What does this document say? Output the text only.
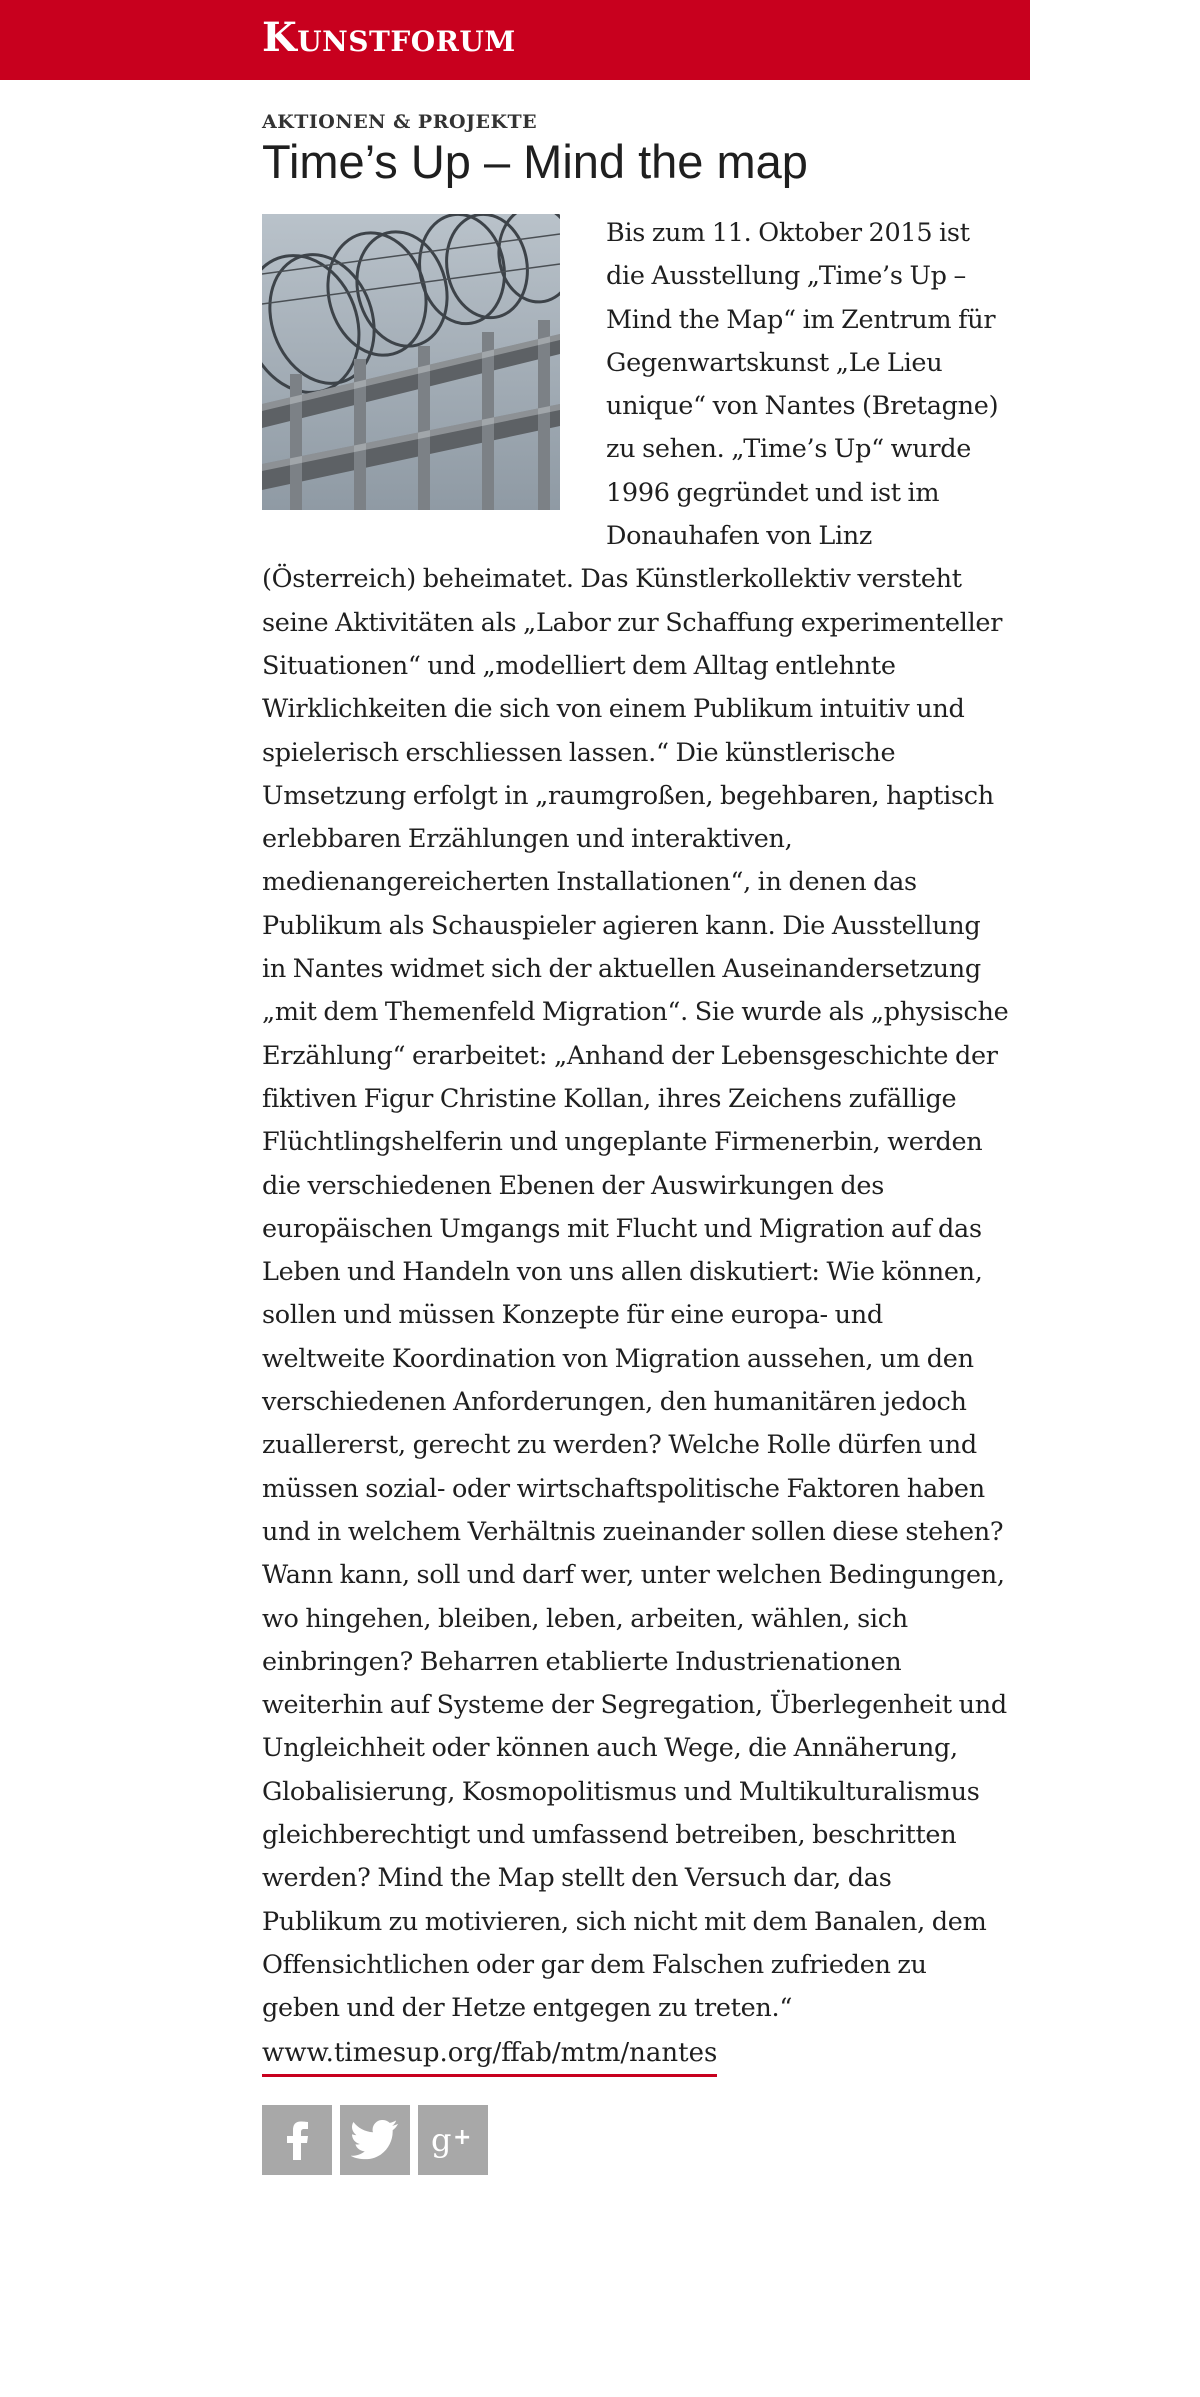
Kunstforum

AKTIONEN & PROJEKTE

Time’s Up – Mind the map

Bis zum 11. Oktober 2015 ist die Ausstellung „Time’s Up – Mind the Map“ im Zentrum für Gegenwartskunst „Le Lieu unique“ von Nantes (Bretagne) zu sehen. „Time’s Up“ wurde 1996 gegründet und ist im Donauhafen von Linz (Österreich) beheimatet. Das Künstlerkollektiv versteht seine Aktivitäten als „Labor zur Schaffung experimenteller Situationen“ und „modelliert dem Alltag entlehnte Wirklichkeiten die sich von einem Publikum intuitiv und spielerisch erschliessen lassen.“ Die künstlerische Umsetzung erfolgt in „raumgroßen, begehbaren, haptisch erlebbaren Erzählungen und interaktiven, medienangereicherten Installationen“, in denen das Publikum als Schauspieler agieren kann. Die Ausstellung in Nantes widmet sich der aktuellen Auseinandersetzung „mit dem Themenfeld Migration“. Sie wurde als „physische Erzählung“ erarbeitet: „Anhand der Lebensgeschichte der fiktiven Figur Christine Kollan, ihres Zeichens zufällige Flüchtlingshelferin und ungeplante Firmenerbin, werden die verschiedenen Ebenen der Auswirkungen des europäischen Umgangs mit Flucht und Migration auf das Leben und Handeln von uns allen diskutiert: Wie können, sollen und müssen Konzepte für eine europa- und weltweite Koordination von Migration aussehen, um den verschiedenen Anforderungen, den humanitären jedoch zuallererst, gerecht zu werden? Welche Rolle dürfen und müssen sozial- oder wirtschaftspolitische Faktoren haben und in welchem Verhältnis zueinander sollen diese stehen? Wann kann, soll und darf wer, unter welchen Bedingungen, wo hingehen, bleiben, leben, arbeiten, wählen, sich einbringen? Beharren etablierte Industrienationen weiterhin auf Systeme der Segregation, Überlegenheit und Ungleichheit oder können auch Wege, die Annäherung, Globalisierung, Kosmopolitismus und Multikulturalismus gleichberechtigt und umfassend betreiben, beschritten werden? Mind the Map stellt den Versuch dar, das Publikum zu motivieren, sich nicht mit dem Banalen, dem Offensichtlichen oder gar dem Falschen zufrieden zu geben und der Hetze entgegen zu treten.“

www.timesup.org/ffab/mtm/nantes
g +
